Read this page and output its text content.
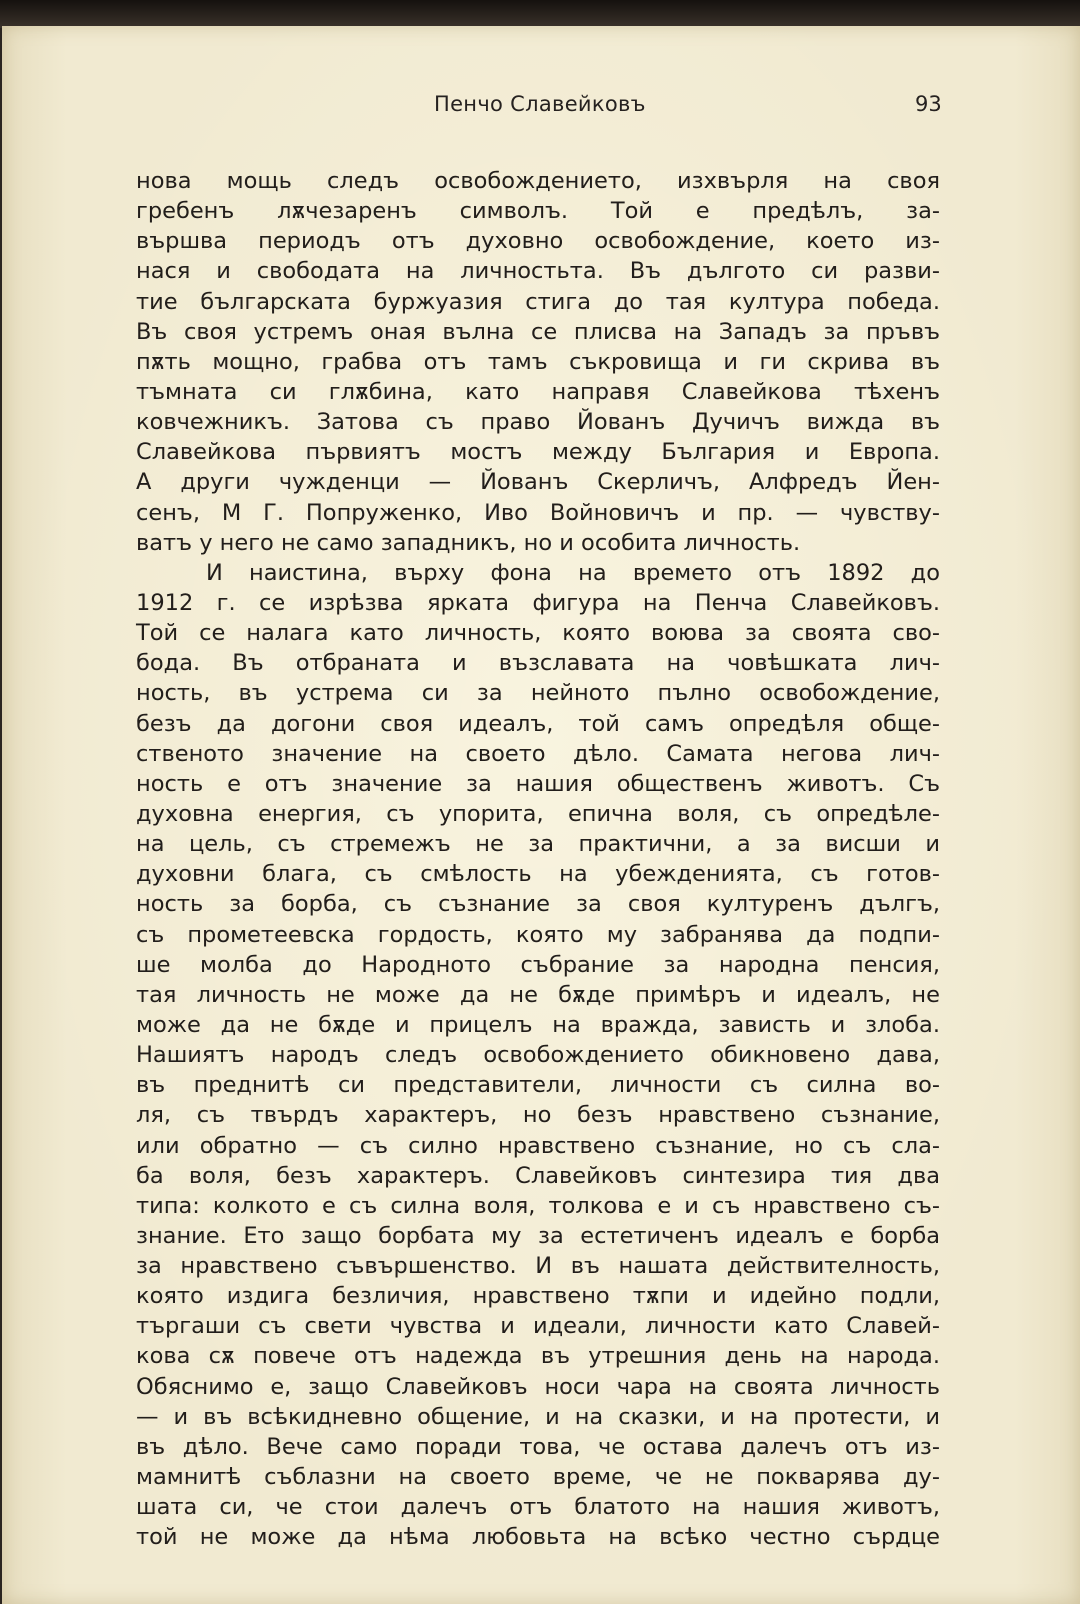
Пенчо Славейковъ	93
нова мощь следъ освобождението, изхвърля на своя
гребенъ лѫчезаренъ символъ. Той е предѣлъ, за-
вършва периодъ отъ духовно освобождение, което из-
нася и свободата на личностьта. Въ дългото си разви-
тие българската буржуазия стига до тая култура победа.
Въ своя устремъ оная вълна се плисва на Западъ за пръвъ
пѫть мощно, грабва отъ тамъ съкровища и ги скрива въ
тъмната си глѫбина, като направя Славейкова тѣхенъ
ковчежникъ. Затова съ право Йованъ Дучичъ вижда въ
Славейкова първиятъ мостъ между България и Европа.
А други чужденци — Йованъ Скерличъ, Алфредъ Йен-
сенъ, М Г. Попруженко, Иво Войновичъ и пр. — чувству-
ватъ у него не само западникъ, но и особита личность.
И наистина, върху фона на времето отъ 1892 до
1912 г. се изрѣзва ярката фигура на Пенча Славейковъ.
Той се налага като личность, която воюва за своята сво-
бода. Въ отбраната и възславата на човѣшката лич-
ность, въ устрема си за нейното пълно освобождение,
безъ да догони своя идеалъ, той самъ опредѣля обще-
ственото значение на своето дѣло. Самата негова лич-
ность е отъ значение за нашия общественъ животъ. Съ
духовна енергия, съ упорита, епична воля, съ опредѣле-
на цель, съ стремежъ не за практични, а за висши и
духовни блага, съ смѣлость на убежденията, съ готов-
ность за борба, съ съзнание за своя културенъ дългъ,
съ прометеевска гордость, която му забранява да подпи-
ше молба до Народното събрание за народна пенсия,
тая личность не може да не бѫде примѣръ и идеалъ, не
може да не бѫде и прицелъ на вражда, зависть и злоба.
Нашиятъ народъ следъ освобождението обикновено дава,
въ преднитѣ си представители, личности съ силна во-
ля, съ твърдъ характеръ, но безъ нравствено съзнание,
или обратно — съ силно нравствено съзнание, но съ сла-
ба воля, безъ характеръ. Славейковъ синтезира тия два
типа: колкото е съ силна воля, толкова е и съ нравствено съ-
знание. Ето защо борбата му за естетиченъ идеалъ е борба
за нравствено съвършенство. И въ нашата действителность,
която издига безличия, нравствено тѫпи и идейно подли,
търгаши съ свети чувства и идеали, личности като Славей-
кова сѫ повече отъ надежда въ утрешния день на народа.
Обяснимо е, защо Славейковъ носи чара на своята личность
— и въ всѣкидневно общение, и на сказки, и на протести, и
въ дѣло. Вече само поради това, че остава далечъ отъ из-
мамнитѣ съблазни на своето време, че не покварява ду-
шата си, че стои далечъ отъ блатото на нашия животъ,
той не може да нѣма любовьта на всѣко честно сърдце
